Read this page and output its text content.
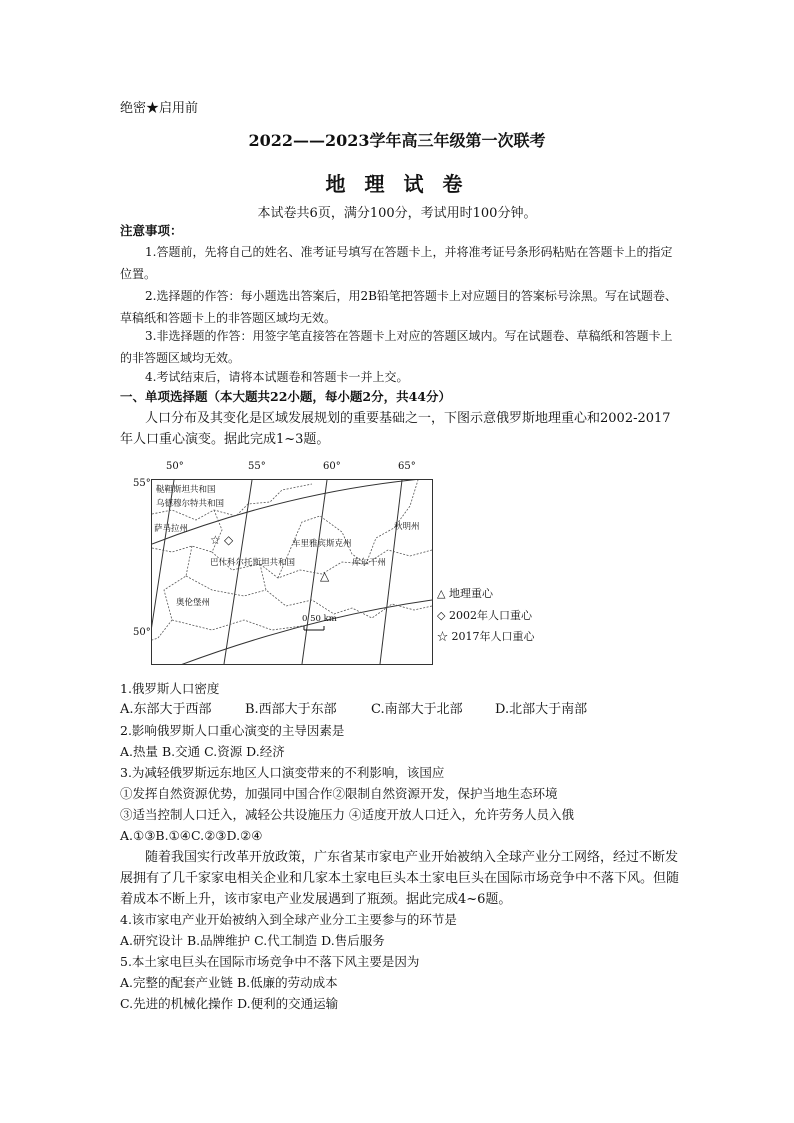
绝密★启用前
2022——2023学年高三年级第一次联考
地 理 试 卷
本试卷共6页，满分100分，考试用时100分钟。
注意事项：
1.答题前，先将自己的姓名、准考证号填写在答题卡上，并将准考证号条形码粘贴在答题卡上的指定位置。
2.选择题的作答：每小题选出答案后，用2B铅笔把答题卡上对应题目的答案标号涂黑。写在试题卷、草稿纸和答题卡上的非答题区域均无效。
3.非选择题的作答：用签字笔直接答在答题卡上对应的答题区域内。写在试题卷、草稿纸和答题卡上的非答题区域均无效。
4.考试结束后，请将本试题卷和答题卡一并上交。
一、单项选择题（本大题共22小题，每小题2分，共44分）
人口分布及其变化是区域发展规划的重要基础之一，下图示意俄罗斯地理重心和2002-2017年人口重心演变。据此完成1~3题。
50°	55°	60°	65°
55°
50°
☆ ◇
△
鞑靼斯坦共和国
乌德穆尔特共和国
萨马拉州
巴什科尔托斯坦共和国
奥伦堡州
车里雅宾斯克州
库尔干州
秋明州
0 50 km
△ 地理重心
◇ 2002年人口重心
☆ 2017年人口重心
1.俄罗斯人口密度
A.东部大于西部	B.西部大于东部	C.南部大于北部 D.北部大于南部
2.影响俄罗斯人口重心演变的主导因素是
A.热量 B.交通 C.资源 D.经济
3.为减轻俄罗斯远东地区人口演变带来的不利影响，该国应
①发挥自然资源优势，加强同中国合作②限制自然资源开发，保护当地生态环境
③适当控制人口迁入，减轻公共设施压力 ④适度开放人口迁入，允许劳务人员入俄
A.①③B.①④C.②③D.②④
随着我国实行改革开放政策，广东省某市家电产业开始被纳入全球产业分工网络，经过不断发展拥有了几千家家电相关企业和几家本土家电巨头本土家电巨头在国际市场竞争中不落下风。但随着成本不断上升，该市家电产业发展遇到了瓶颈。据此完成4~6题。
4.该市家电产业开始被纳入到全球产业分工主要参与的环节是
A.研究设计 B.品牌维护 C.代工制造 D.售后服务
5.本土家电巨头在国际市场竞争中不落下风主要是因为
A.完整的配套产业链 B.低廉的劳动成本
C.先进的机械化操作 D.便利的交通运输
